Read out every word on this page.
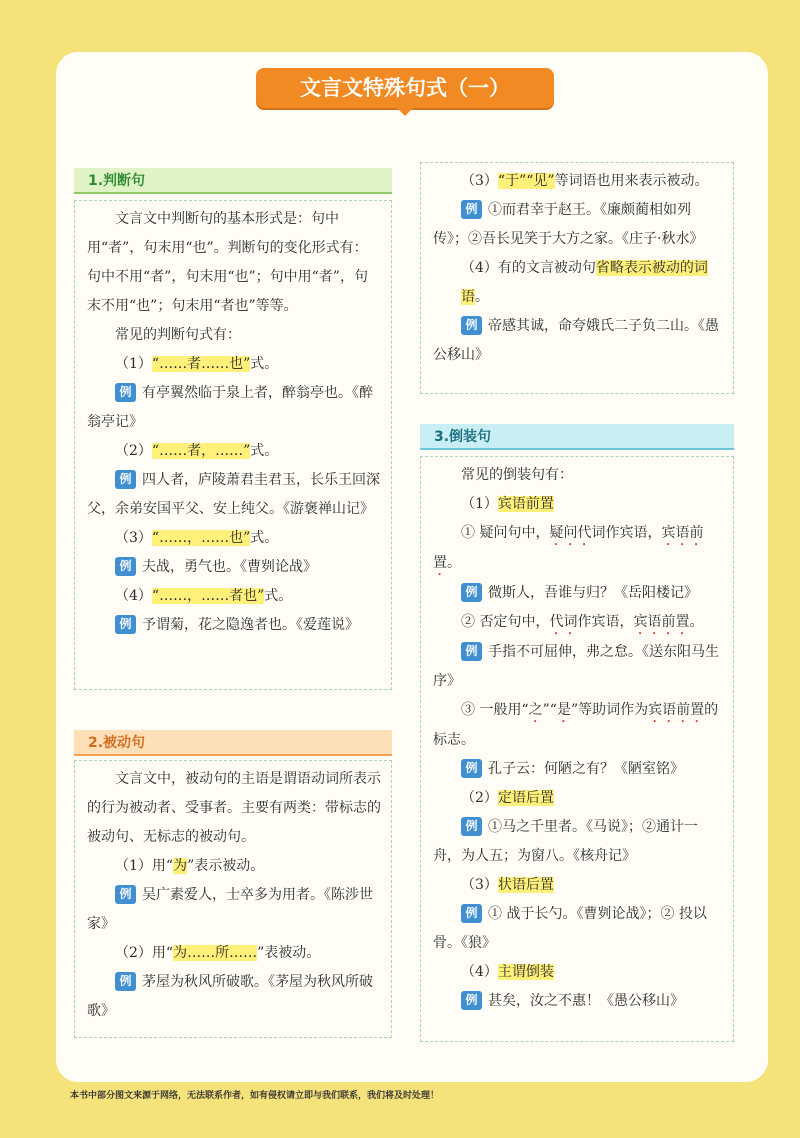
文言文特殊句式（一）
1.判断句

文言文中判断句的基本形式是：句中用“者”，句末用“也”。判断句的变化形式有：句中不用“者”，句末用“也”；句中用“者”，句末不用“也”；句末用“者也”等等。

常见的判断句式有：

（1）“……者……也”式。

例 有亭翼然临于泉上者，醉翁亭也。《醉翁亭记》

（2）“……者，……”式。

例 四人者，庐陵萧君圭君玉，长乐王回深父，余弟安国平父、安上纯父。《游褒禅山记》

（3）“……，……也”式。

例 夫战，勇气也。《曹刿论战》

（4）“……，……者也”式。

例 予谓菊，花之隐逸者也。《爱莲说》

2.被动句

文言文中，被动句的主语是谓语动词所表示的行为被动者、受事者。主要有两类：带标志的被动句、无标志的被动句。

（1）用“为”表示被动。

例 吴广素爱人，士卒多为用者。《陈涉世家》

（2）用“为……所……”表被动。

例 茅屋为秋风所破歌。《茅屋为秋风所破歌》

（3）“于”“见”等词语也用来表示被动。

例 ①而君幸于赵王。《廉颇蔺相如列传》；②吾长见笑于大方之家。《庄子·秋水》

（4）有的文言被动句省略表示被动的词语。

例 帝感其诚，命夸娥氏二子负二山。《愚公移山》

3.倒装句

常见的倒装句有：

（1）宾语前置

① 疑问句中，疑问代词作宾语，宾语前置。

例 微斯人，吾谁与归？《岳阳楼记》

② 否定句中，代词作宾语，宾语前置。

例 手指不可屈伸，弗之怠。《送东阳马生序》

③ 一般用“之”“是”等助词作为宾语前置的标志。

例 孔子云：何陋之有？《陋室铭》

（2）定语后置

例 ①马之千里者。《马说》；②通计一舟，为人五；为窗八。《核舟记》

（3）状语后置

例 ① 战于长勺。《曹刿论战》；② 投以骨。《狼》

（4）主谓倒装

例 甚矣，汝之不惠！《愚公移山》

本书中部分图文来源于网络，无法联系作者，如有侵权请立即与我们联系，我们将及时处理！
